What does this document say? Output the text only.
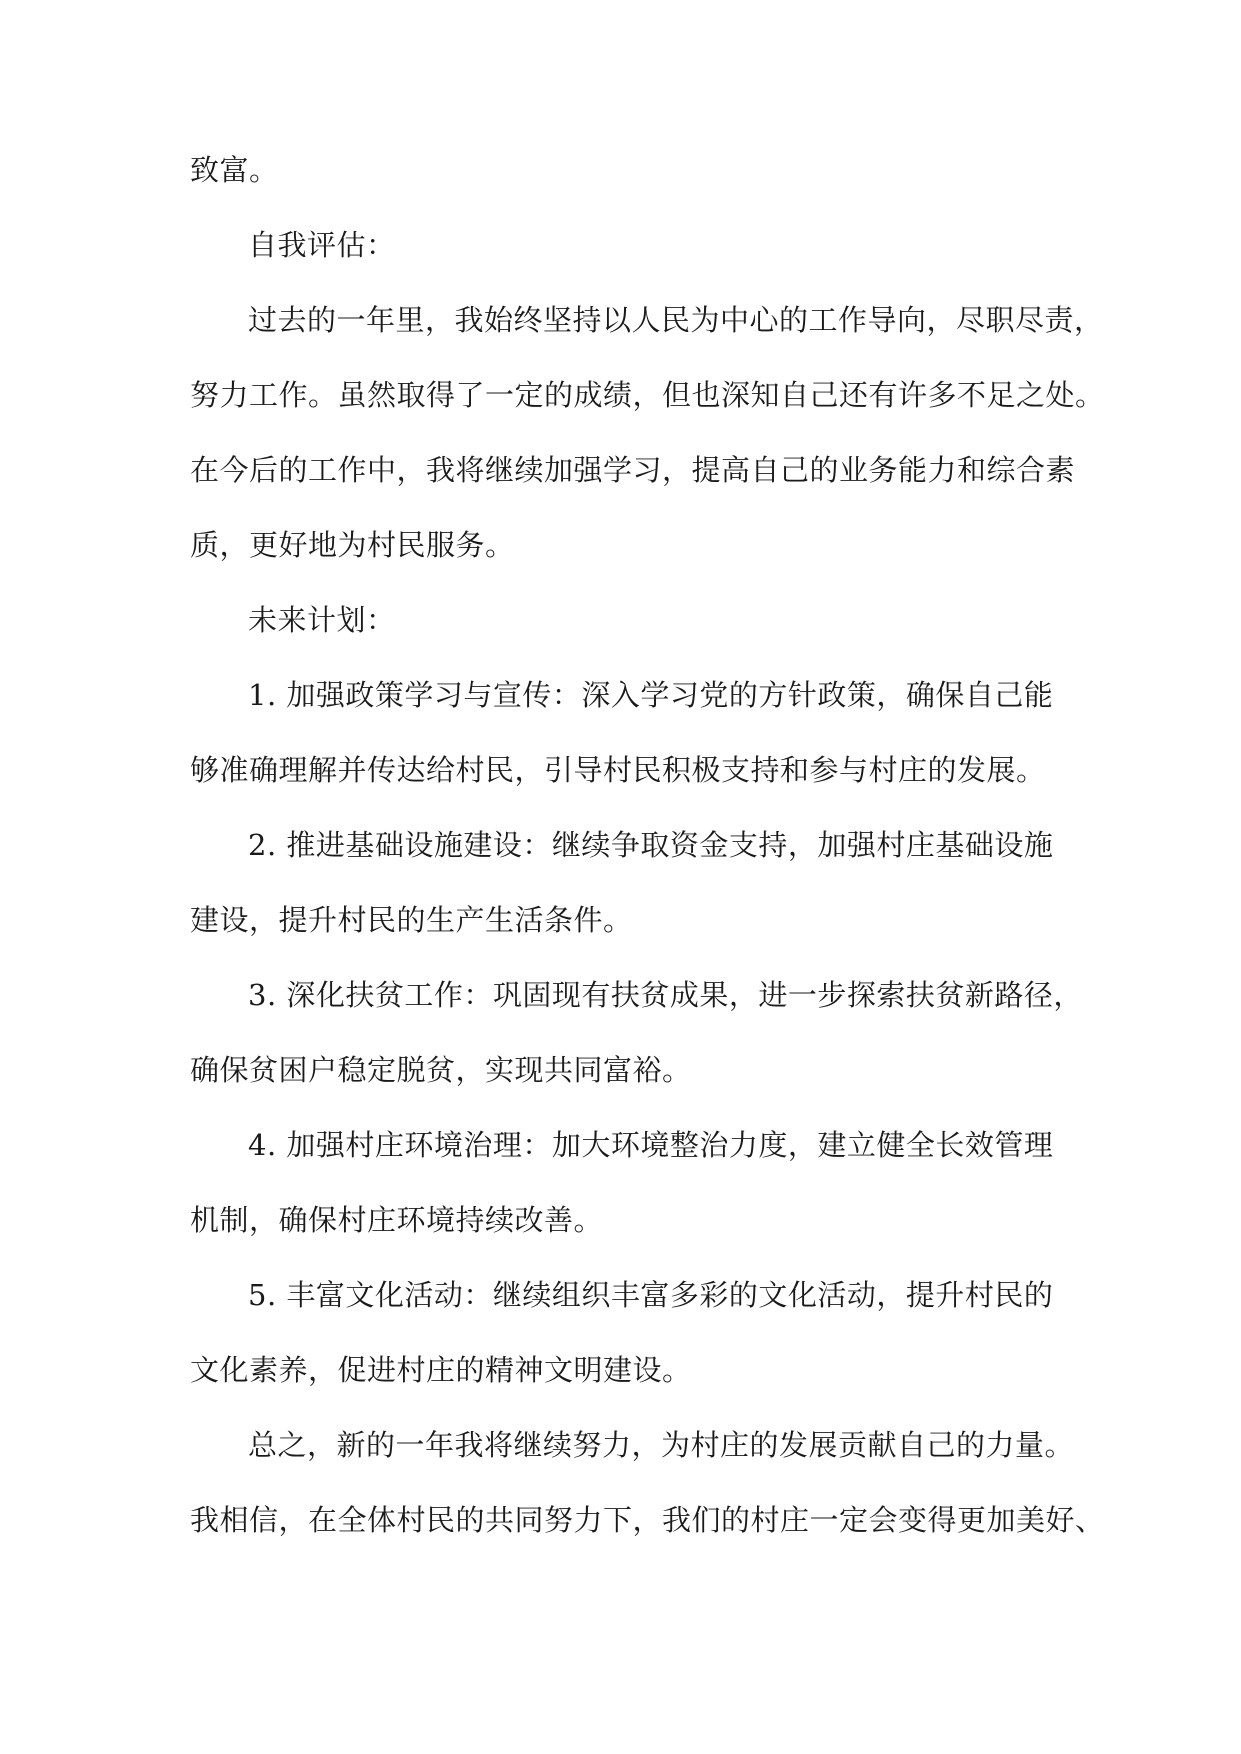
致富。
自我评估：
过去的一年里，我始终坚持以人民为中心的工作导向，尽职尽责，
努力工作。虽然取得了一定的成绩，但也深知自己还有许多不足之处。
在今后的工作中，我将继续加强学习，提高自己的业务能力和综合素
质，更好地为村民服务。
未来计划：
1. 加强政策学习与宣传：深入学习党的方针政策，确保自己能
够准确理解并传达给村民，引导村民积极支持和参与村庄的发展。
2. 推进基础设施建设：继续争取资金支持，加强村庄基础设施
建设，提升村民的生产生活条件。
3. 深化扶贫工作：巩固现有扶贫成果，进一步探索扶贫新路径，
确保贫困户稳定脱贫，实现共同富裕。
4. 加强村庄环境治理：加大环境整治力度，建立健全长效管理
机制，确保村庄环境持续改善。
5. 丰富文化活动：继续组织丰富多彩的文化活动，提升村民的
文化素养，促进村庄的精神文明建设。
总之，新的一年我将继续努力，为村庄的发展贡献自己的力量。
我相信，在全体村民的共同努力下，我们的村庄一定会变得更加美好、
